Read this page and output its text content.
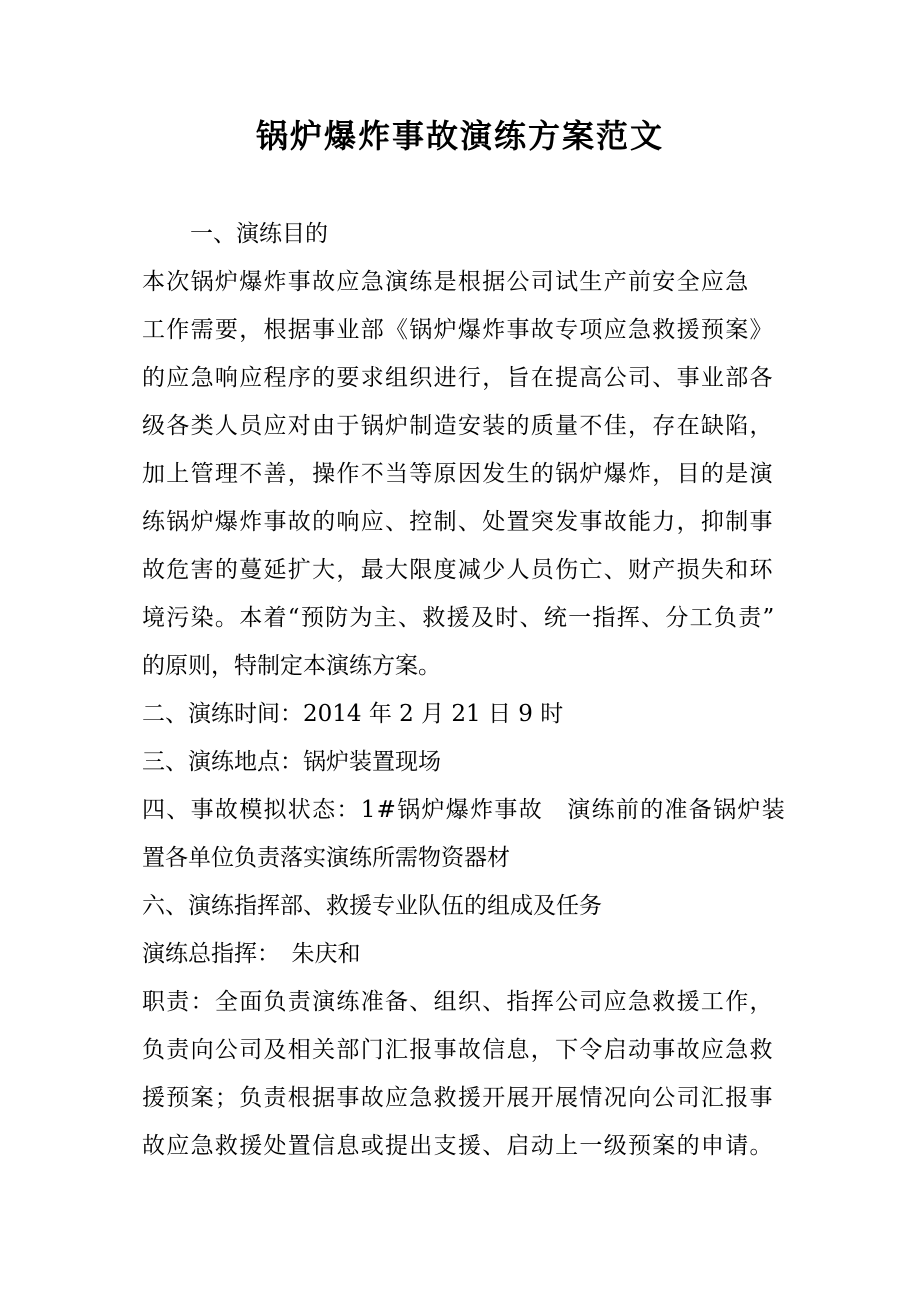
锅炉爆炸事故演练方案范文
一、演练目的
本次锅炉爆炸事故应急演练是根据公司试生产前安全应急
工作需要，根据事业部《锅炉爆炸事故专项应急救援预案》
的应急响应程序的要求组织进行，旨在提高公司、事业部各
级各类人员应对由于锅炉制造安装的质量不佳，存在缺陷，
加上管理不善，操作不当等原因发生的锅炉爆炸，目的是演
练锅炉爆炸事故的响应、控制、处置突发事故能力，抑制事
故危害的蔓延扩大，最大限度减少人员伤亡、财产损失和环
境污染。本着“预防为主、救援及时、统一指挥、分工负责”
的原则，特制定本演练方案。
二、演练时间：2014 年 2 月 21 日 9 时
三、演练地点：锅炉装置现场
四、事故模拟状态：1#锅炉爆炸事故　演练前的准备锅炉装
置各单位负责落实演练所需物资器材
六、演练指挥部、救援专业队伍的组成及任务
演练总指挥：　朱庆和
职责：全面负责演练准备、组织、指挥公司应急救援工作，
负责向公司及相关部门汇报事故信息，下令启动事故应急救
援预案；负责根据事故应急救援开展开展情况向公司汇报事
故应急救援处置信息或提出支援、启动上一级预案的申请。
